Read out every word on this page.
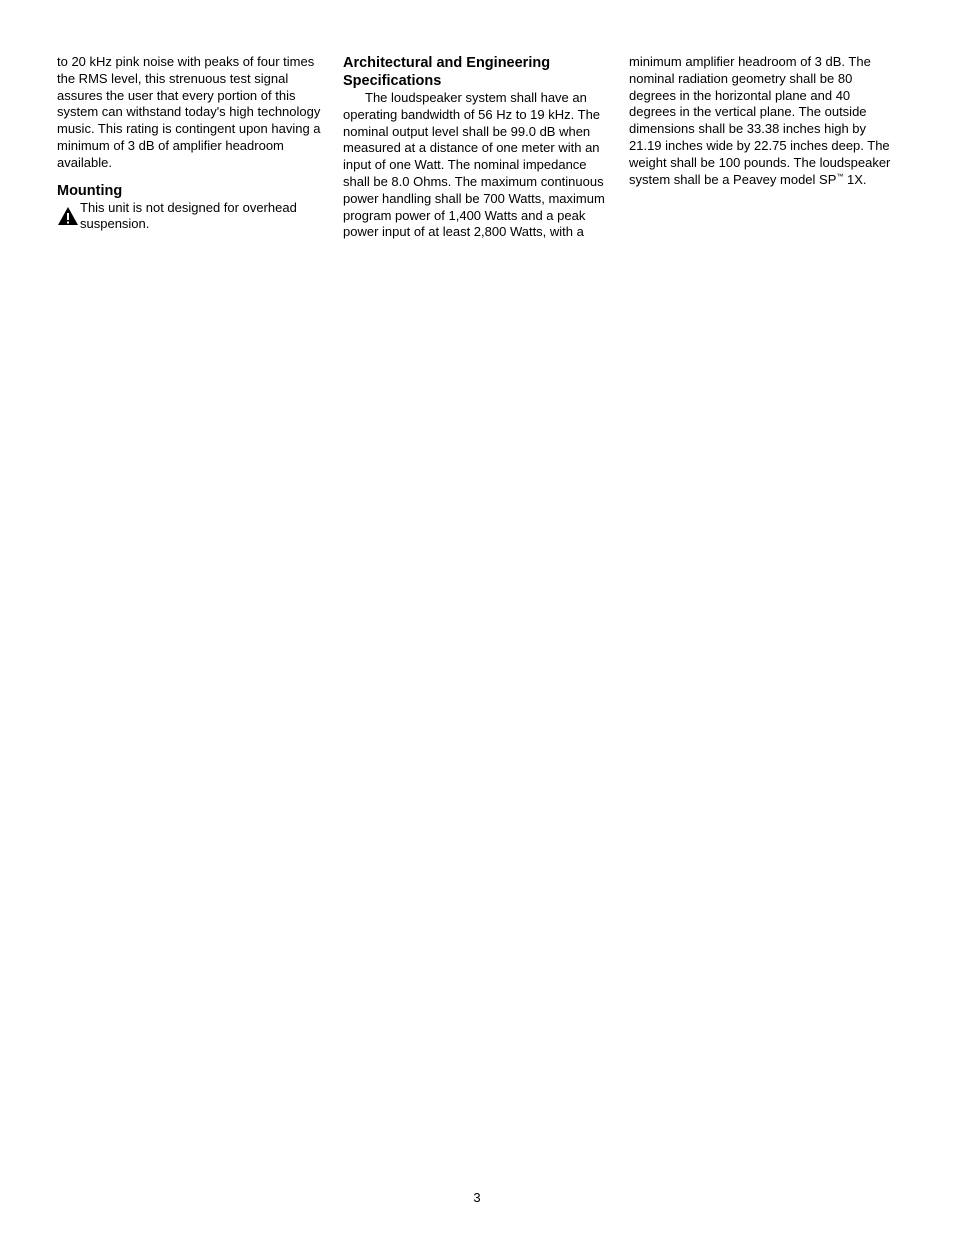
to 20 kHz pink noise with peaks of four times the RMS level, this strenuous test signal assures the user that every portion of this system can withstand today's high technology music. This rating is contingent upon having a minimum of 3 dB of amplifier headroom available.

Mounting

This unit is not designed for overhead suspension.

Architectural and Engineering
Specifications

The loudspeaker system shall have an operating bandwidth of 56 Hz to 19 kHz. The nominal output level shall be 99.0 dB when measured at a distance of one meter with an input of one Watt. The nominal impedance shall be 8.0 Ohms. The maximum continuous power handling shall be 700 Watts, maximum program power of 1,400 Watts and a peak power input of at least 2,800 Watts, with a

minimum amplifier headroom of 3 dB. The nominal radiation geometry shall be 80 degrees in the horizontal plane and 40 degrees in the vertical plane. The outside dimensions shall be 33.38 inches high by 21.19 inches wide by 22.75 inches deep. The weight shall be 100 pounds. The loudspeaker system shall be a Peavey model SP™ 1X.

3
